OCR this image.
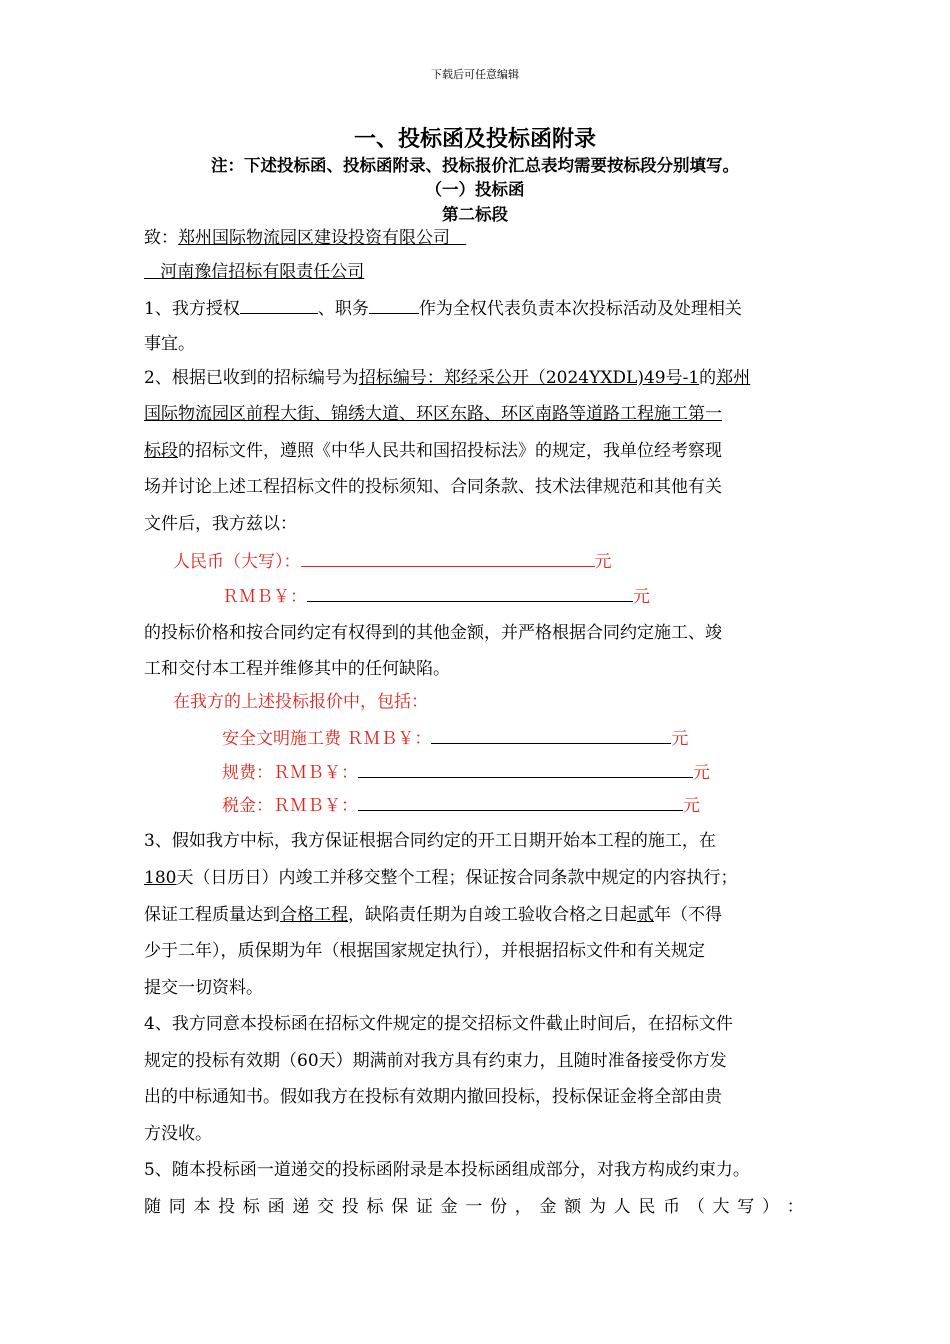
下载后可任意编辑
一、投标函及投标函附录
注：下述投标函、投标函附录、投标报价汇总表均需要按标段分别填写。
（一）投标函
第二标段
致：郑州国际物流园区建设投资有限公司
河南豫信招标有限责任公司
1、我方授权	、职务	作为全权代表负责本次投标活动及处理相关
事宜。
2、根据已收到的招标编号为招标编号：郑经采公开（2024YXDL)49号-1的郑州
国际物流园区前程大街、锦绣大道、环区东路、环区南路等道路工程施工第一
标段的招标文件，遵照《中华人民共和国招投标法》的规定，我单位经考察现
场并讨论上述工程招标文件的投标须知、合同条款、技术法律规范和其他有关
文件后，我方兹以：
人民币（大写）：	元
ＲＭＢ￥：	元
的投标价格和按合同约定有权得到的其他金额，并严格根据合同约定施工、竣
工和交付本工程并维修其中的任何缺陷。
在我方的上述投标报价中，包括：
安全文明施工费 ＲＭＢ￥：	元
规费：ＲＭＢ￥：	元
税金：ＲＭＢ￥：	元
3、假如我方中标，我方保证根据合同约定的开工日期开始本工程的施工，在
180天（日历日）内竣工并移交整个工程；保证按合同条款中规定的内容执行；
保证工程质量达到合格工程，缺陷责任期为自竣工验收合格之日起贰年（不得
少于二年），质保期为年（根据国家规定执行），并根据招标文件和有关规定
提交一切资料。
4、我方同意本投标函在招标文件规定的提交招标文件截止时间后，在招标文件
规定的投标有效期（60天）期满前对我方具有约束力，且随时准备接受你方发
出的中标通知书。假如我方在投标有效期内撤回投标，投标保证金将全部由贵
方没收。
5、随本投标函一道递交的投标函附录是本投标函组成部分，对我方构成约束力。
随 同 本 投 标 函 递 交 投 标 保 证 金 一 份 ， 金 额 为 人 民 币 （ 大 写 ） ：
